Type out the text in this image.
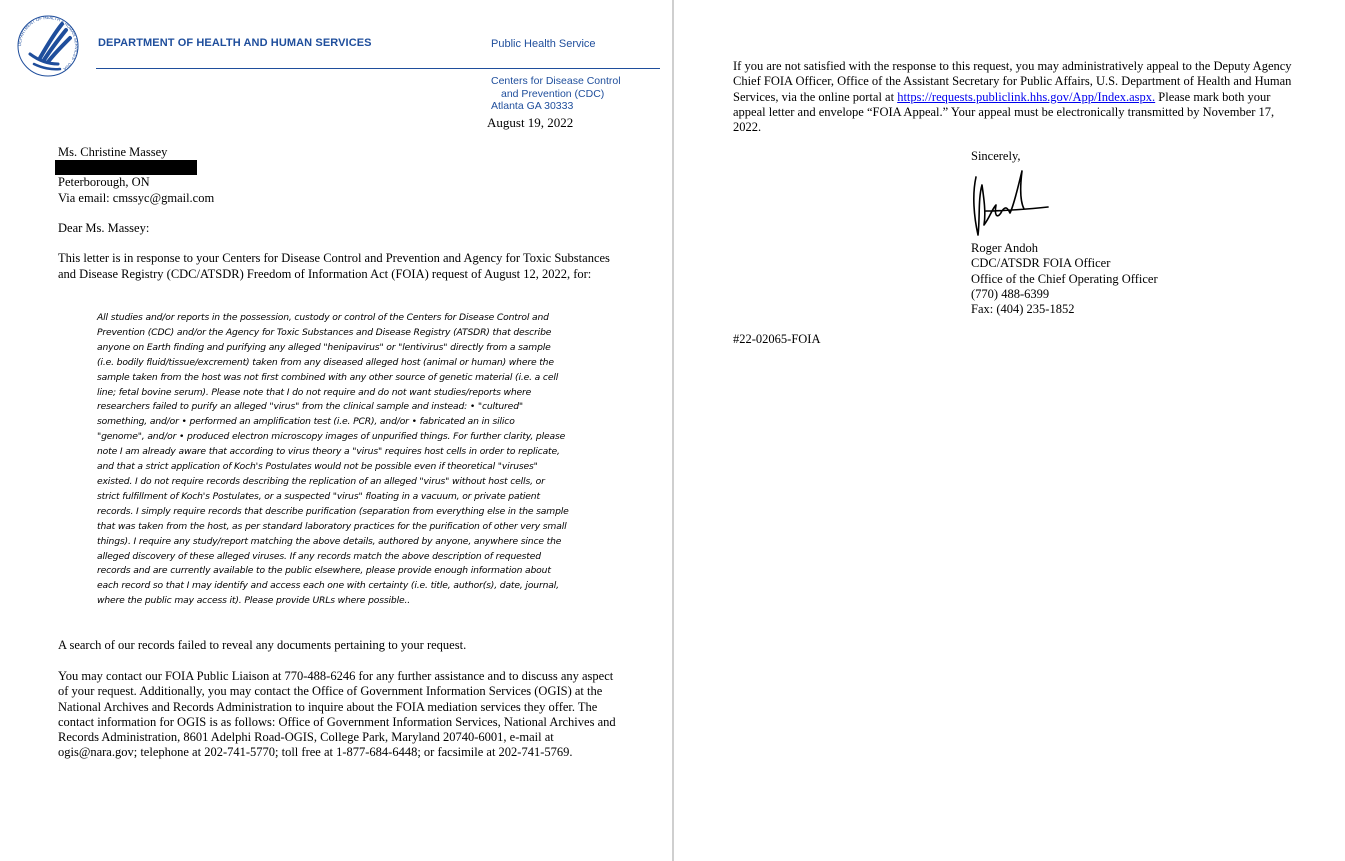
DEPARTMENT OF HEALTH & HUMAN SERVICES · USA
DEPARTMENT OF HEALTH AND HUMAN SERVICES	Public Health Service
Centers for Disease Control
and Prevention (CDC)
Atlanta GA 30333
August 19, 2022
Ms. Christine Massey
Peterborough, ON
Via email: cmssyc@gmail.com
Dear Ms. Massey:
This letter is in response to your Centers for Disease Control and Prevention and Agency for Toxic Substances and Disease Registry (CDC/ATSDR) Freedom of Information Act (FOIA) request of August 12, 2022, for:
All studies and/or reports in the possession, custody or control of the Centers for Disease Control and
Prevention (CDC) and/or the Agency for Toxic Substances and Disease Registry (ATSDR) that describe
anyone on Earth finding and purifying any alleged "henipavirus" or "lentivirus" directly from a sample
(i.e. bodily fluid/tissue/excrement) taken from any diseased alleged host (animal or human) where the
sample taken from the host was not first combined with any other source of genetic material (i.e. a cell
line; fetal bovine serum). Please note that I do not require and do not want studies/reports where
researchers failed to purify an alleged "virus" from the clinical sample and instead: • "cultured"
something, and/or • performed an amplification test (i.e. PCR), and/or • fabricated an in silico
"genome", and/or • produced electron microscopy images of unpurified things. For further clarity, please
note I am already aware that according to virus theory a "virus" requires host cells in order to replicate,
and that a strict application of Koch's Postulates would not be possible even if theoretical "viruses"
existed. I do not require records describing the replication of an alleged "virus" without host cells, or
strict fulfillment of Koch's Postulates, or a suspected "virus" floating in a vacuum, or private patient
records. I simply require records that describe purification (separation from everything else in the sample
that was taken from the host, as per standard laboratory practices for the purification of other very small
things). I require any study/report matching the above details, authored by anyone, anywhere since the
alleged discovery of these alleged viruses. If any records match the above description of requested
records and are currently available to the public elsewhere, please provide enough information about
each record so that I may identify and access each one with certainty (i.e. title, author(s), date, journal,
where the public may access it). Please provide URLs where possible..
A search of our records failed to reveal any documents pertaining to your request.
You may contact our FOIA Public Liaison at 770-488-6246 for any further assistance and to discuss any aspect of your request. Additionally, you may contact the Office of Government Information Services (OGIS) at the National Archives and Records Administration to inquire about the FOIA mediation services they offer. The contact information for OGIS is as follows: Office of Government Information Services, National Archives and Records Administration, 8601 Adelphi Road-OGIS, College Park, Maryland 20740-6001, e-mail at ogis@nara.gov; telephone at 202-741-5770; toll free at 1-877-684-6448; or facsimile at 202-741-5769.
If you are not satisfied with the response to this request, you may administratively appeal to the Deputy Agency Chief FOIA Officer, Office of the Assistant Secretary for Public Affairs, U.S. Department of Health and Human Services, via the online portal at https://requests.publiclink.hhs.gov/App/Index.aspx. Please mark both your appeal letter and envelope “FOIA Appeal.” Your appeal must be electronically transmitted by November 17, 2022.
Sincerely,
Roger Andoh
CDC/ATSDR FOIA Officer
Office of the Chief Operating Officer
(770) 488-6399
Fax: (404) 235-1852
#22-02065-FOIA
